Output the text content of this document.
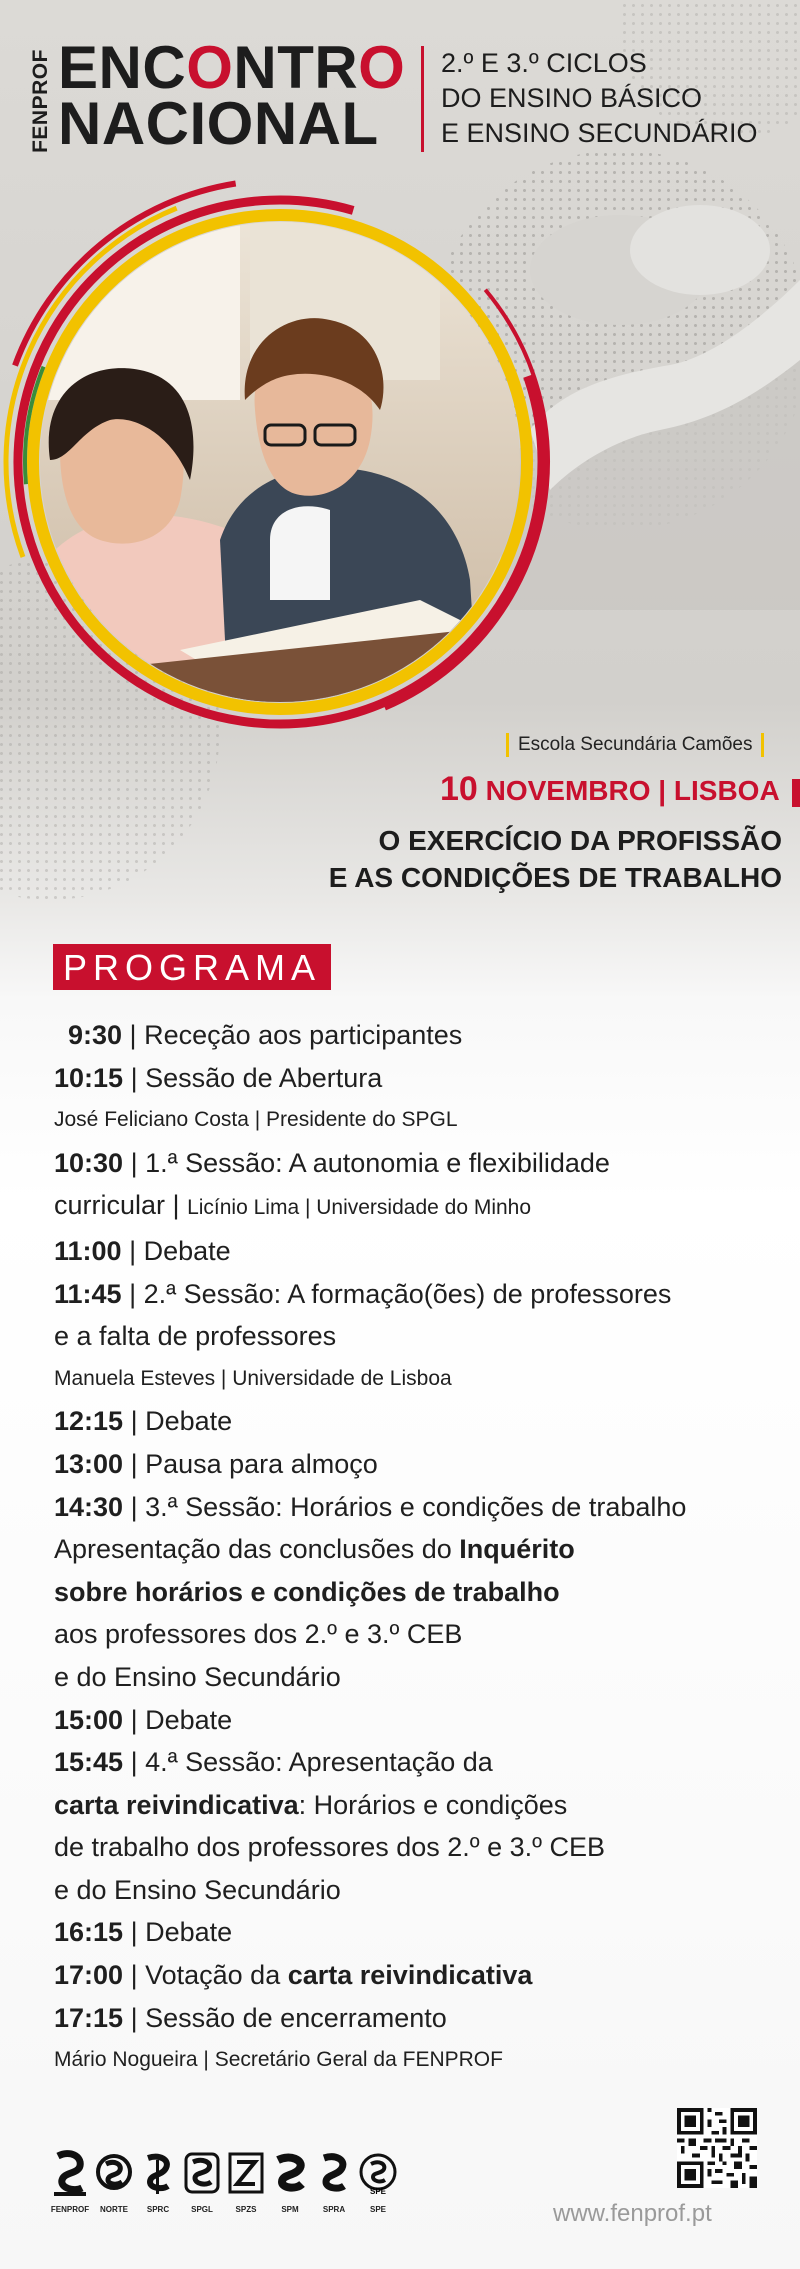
FENPROF ENCONTRO
NACIONAL
2.º E 3.º CICLOS
DO ENSINO BÁSICO
E ENSINO SECUNDÁRIO
Escola Secundária Camões
10 NOVEMBRO | LISBOA
O EXERCÍCIO DA PROFISSÃO
E AS CONDIÇÕES DE TRABALHO
PROGRAMA
9:30 | Receção aos participantes
10:15 | Sessão de Abertura
José Feliciano Costa | Presidente do SPGL
10:30 | 1.ª Sessão: A autonomia e flexibilidade
curricular | Licínio Lima | Universidade do Minho
11:00 | Debate
11:45 | 2.ª Sessão: A formação(ões) de professores
e a falta de professores
Manuela Esteves | Universidade de Lisboa
12:15 | Debate
13:00 | Pausa para almoço
14:30 | 3.ª Sessão: Horários e condições de trabalho
Apresentação das conclusões do Inquérito
sobre horários e condições de trabalho
aos professores dos 2.º e 3.º CEB
e do Ensino Secundário
15:00 | Debate
15:45 | 4.ª Sessão: Apresentação da
carta reivindicativa: Horários e condições
de trabalho dos professores dos 2.º e 3.º CEB
e do Ensino Secundário
16:15 | Debate
17:00 | Votação da carta reivindicativa
17:15 | Sessão de encerramento
Mário Nogueira | Secretário Geral da FENPROF
FENPROF	NORTE	SPRC	SPGL	SPZS	SPM	SPRA
SPE
SPE	www.fenprof.pt
